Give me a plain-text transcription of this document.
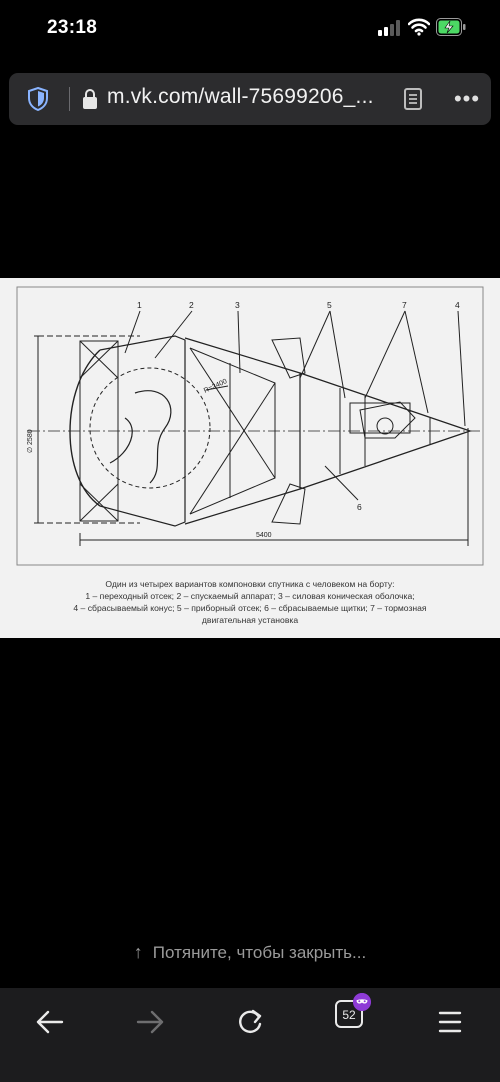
23:18
m.vk.com/wall-75699206_...	•••
1	2	3	5	7	4
6
5400
∅ 2580
R=2400
Один из четырех вариантов компоновки спутника с человеком на борту:
1 – переходный отсек; 2 – спускаемый аппарат; 3 – силовая коническая оболочка;
4 – сбрасываемый конус; 5 – приборный отсек; 6 – сбрасываемые щитки; 7 – тормозная
двигательная установка
↑ Потяните, чтобы закрыть...
52
